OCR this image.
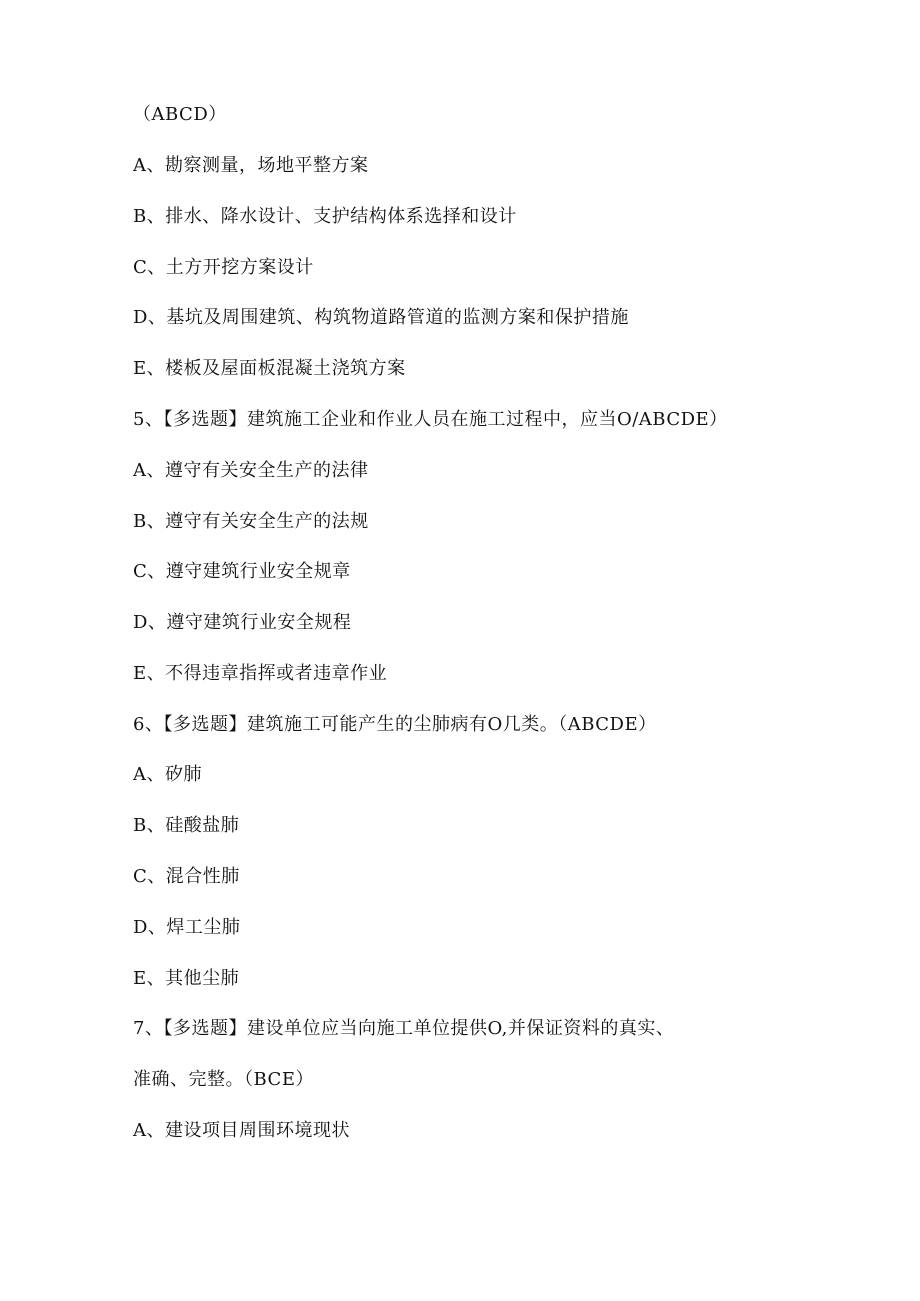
（ABCD）
A、勘察测量，场地平整方案
B、排水、降水设计、支护结构体系选择和设计
C、土方开挖方案设计
D、基坑及周围建筑、构筑物道路管道的监测方案和保护措施
E、楼板及屋面板混凝土浇筑方案
5、【多选题】建筑施工企业和作业人员在施工过程中，应当O/ABCDE）
A、遵守有关安全生产的法律
B、遵守有关安全生产的法规
C、遵守建筑行业安全规章
D、遵守建筑行业安全规程
E、不得违章指挥或者违章作业
6、【多选题】建筑施工可能产生的尘肺病有O几类。（ABCDE）
A、矽肺
B、硅酸盐肺
C、混合性肺
D、焊工尘肺
E、其他尘肺
7、【多选题】建设单位应当向施工单位提供O,并保证资料的真实、
准确、完整。（BCE）
A、建设项目周围环境现状
